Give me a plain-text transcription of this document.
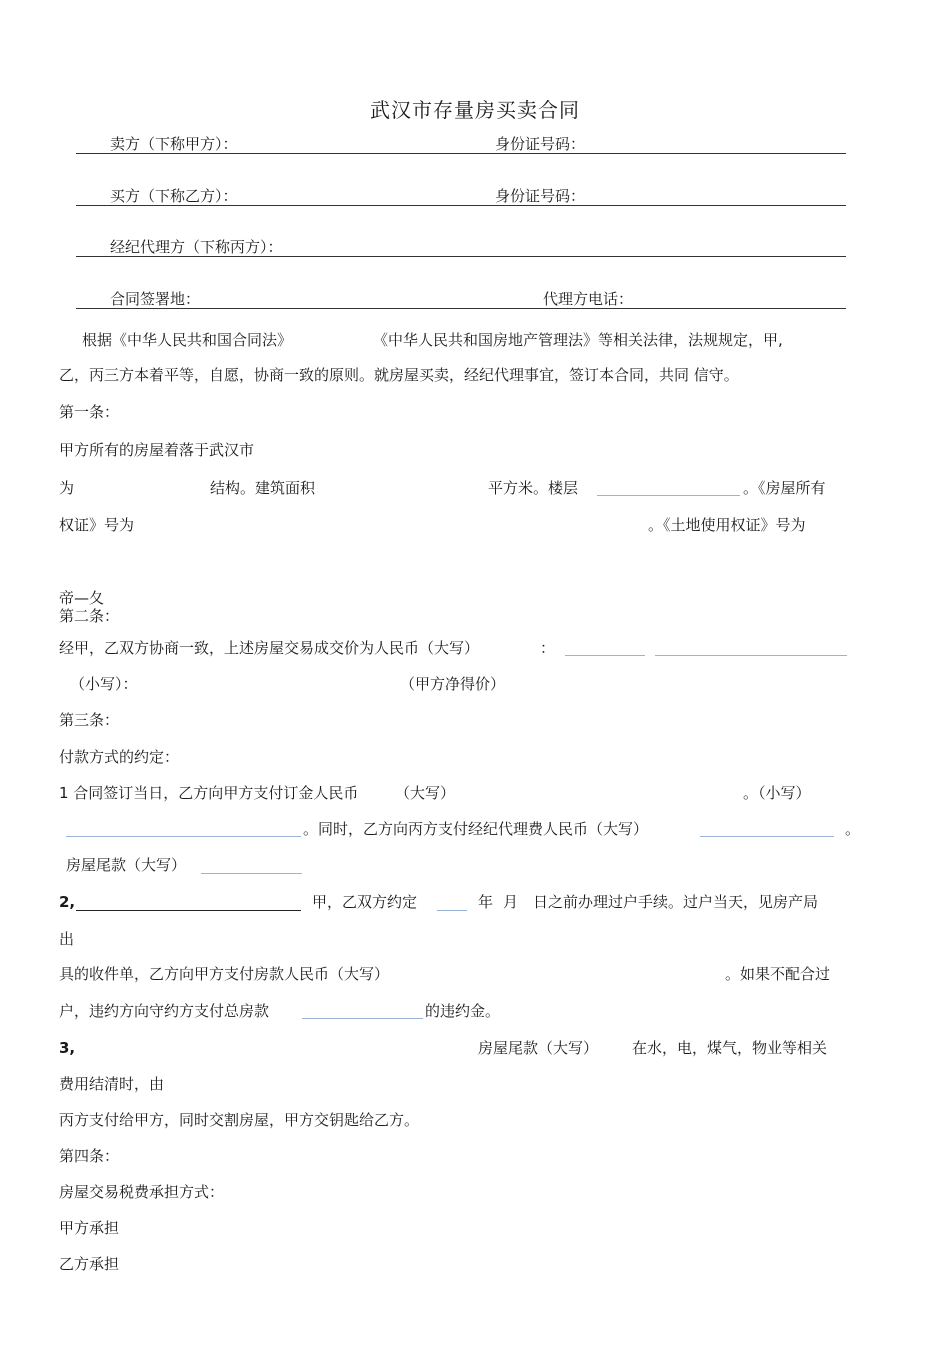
武汉市存量房买卖合同
卖方（下称甲方）：	身份证号码：
买方（下称乙方）：	身份证号码：
经纪代理方（下称丙方）：
合同签署地：	代理方电话：
根据《中华人民共和国合同法》	《中华人民共和国房地产管理法》等相关法律，法规规定，甲,
乙，丙三方本着平等，自愿，协商一致的原则。就房屋买卖，经纪代理事宜，签订本合同，共同 信守。
第一条：
甲方所有的房屋着落于武汉市
为	结构。建筑面积	平方米。楼层	。《房屋所有
权证》号为	。《土地使用权证》号为
帝—夂
第二条：
经甲，乙双方协商一致，上述房屋交易成交价为人民币（大写）	：
（小写）：	（甲方净得价）
第三条：
付款方式的约定：
1 合同签订当日，乙方向甲方支付订金人民币 （大写）	。（小写）
。同时，乙方向丙方支付经纪代理费人民币（大写）	。
房屋尾款（大写）
2,	甲，乙双方约定	年 月 日之前办理过户手续。过户当天，见房产局
出
具的收件单，乙方向甲方支付房款人民币（大写）	。如果不配合过
户，违约方向守约方支付总房款	的违约金。
3,	房屋尾款（大写） 在水，电，煤气，物业等相关
费用结清时，由
丙方支付给甲方，同时交割房屋，甲方交钥匙给乙方。
第四条：
房屋交易税费承担方式：
甲方承担
乙方承担
